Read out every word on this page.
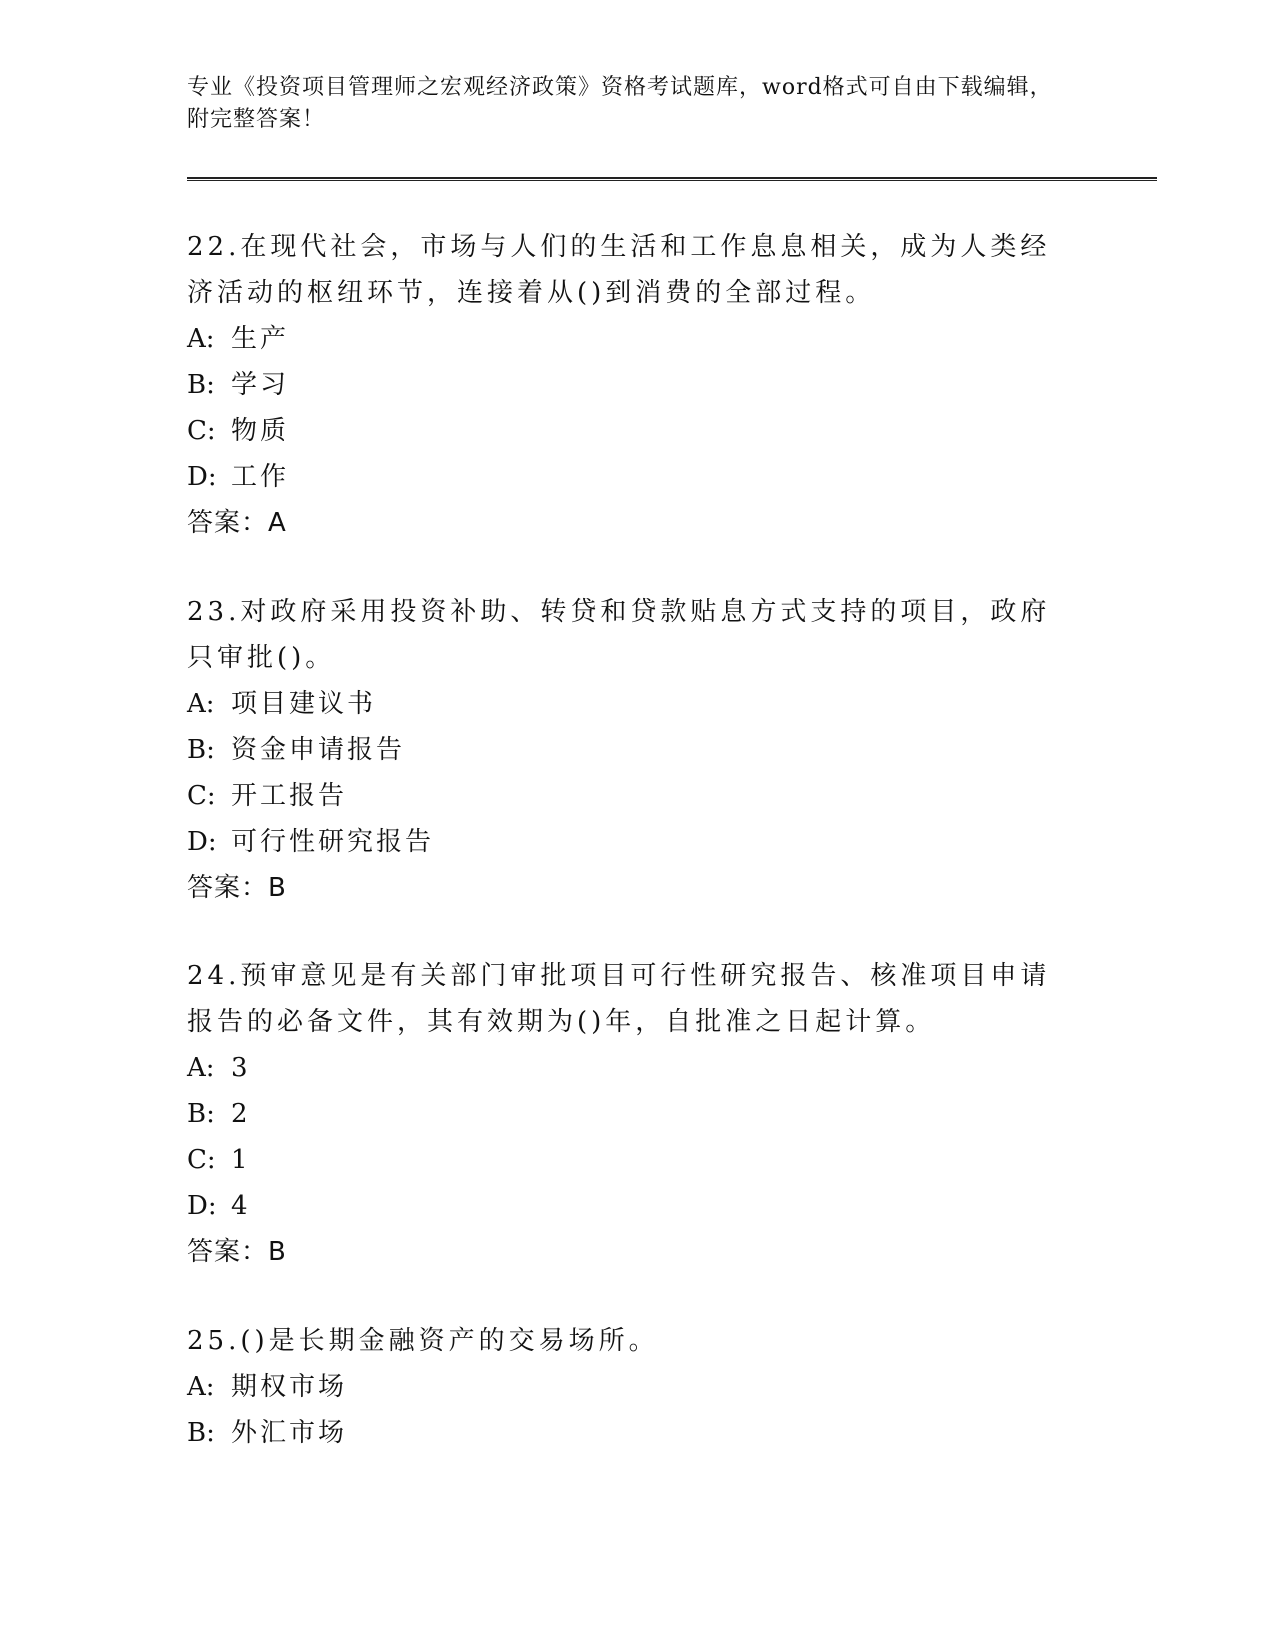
专业《投资项目管理师之宏观经济政策》资格考试题库，word格式可自由下载编辑，附完整答案！

22.在现代社会，市场与人们的生活和工作息息相关，成为人类经济活动的枢纽环节，连接着从()到消费的全部过程。

A: 生产

B: 学习

C: 物质

D: 工作

答案：A

23.对政府采用投资补助、转贷和贷款贴息方式支持的项目，政府只审批()。

A: 项目建议书

B: 资金申请报告

C: 开工报告

D: 可行性研究报告

答案：B

24.预审意见是有关部门审批项目可行性研究报告、核准项目申请报告的必备文件，其有效期为()年，自批准之日起计算。

A: 3

B: 2

C: 1

D: 4

答案：B

25.()是长期金融资产的交易场所。

A: 期权市场

B: 外汇市场
